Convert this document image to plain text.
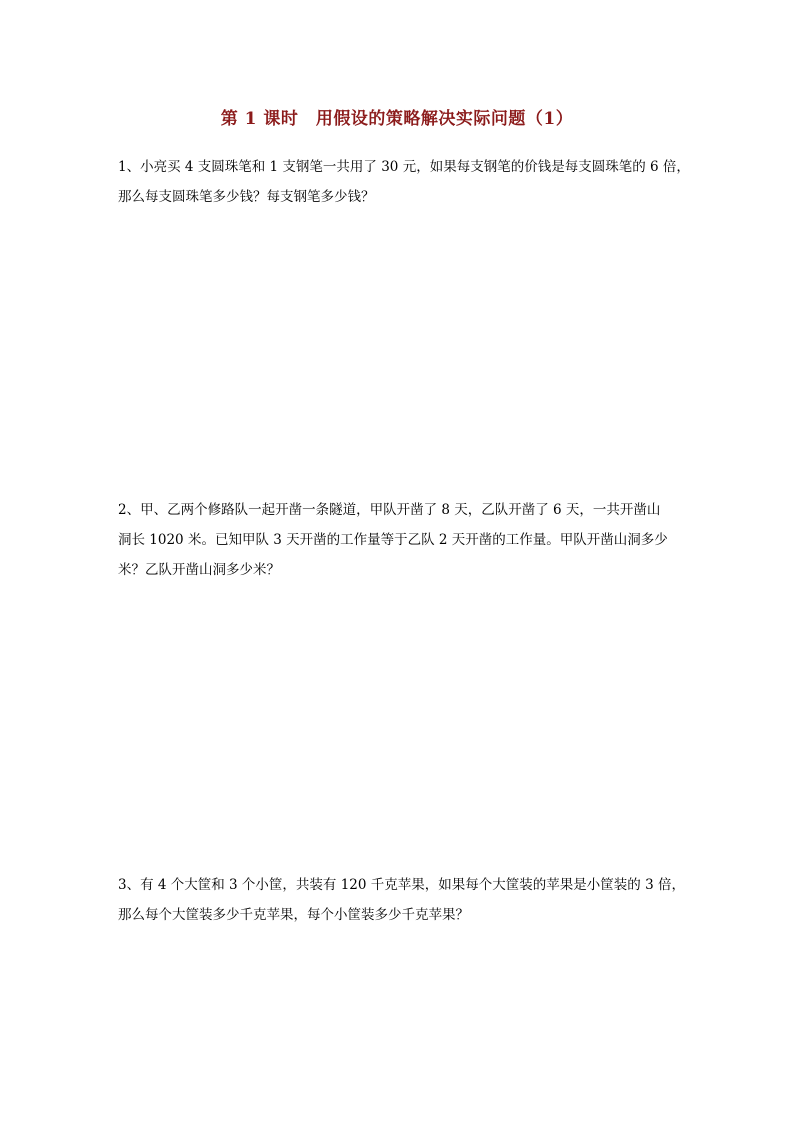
第 1 课时　用假设的策略解决实际问题（1）
1、小亮买 4 支圆珠笔和 1 支钢笔一共用了 30 元，如果每支钢笔的价钱是每支圆珠笔的 6 倍，
那么每支圆珠笔多少钱？每支钢笔多少钱？
2、甲、乙两个修路队一起开凿一条隧道，甲队开凿了 8 天，乙队开凿了 6 天，一共开凿山
洞长 1020 米。已知甲队 3 天开凿的工作量等于乙队 2 天开凿的工作量。甲队开凿山洞多少
米？乙队开凿山洞多少米？
3、有 4 个大筐和 3 个小筐，共装有 120 千克苹果，如果每个大筐装的苹果是小筐装的 3 倍，
那么每个大筐装多少千克苹果，每个小筐装多少千克苹果？
